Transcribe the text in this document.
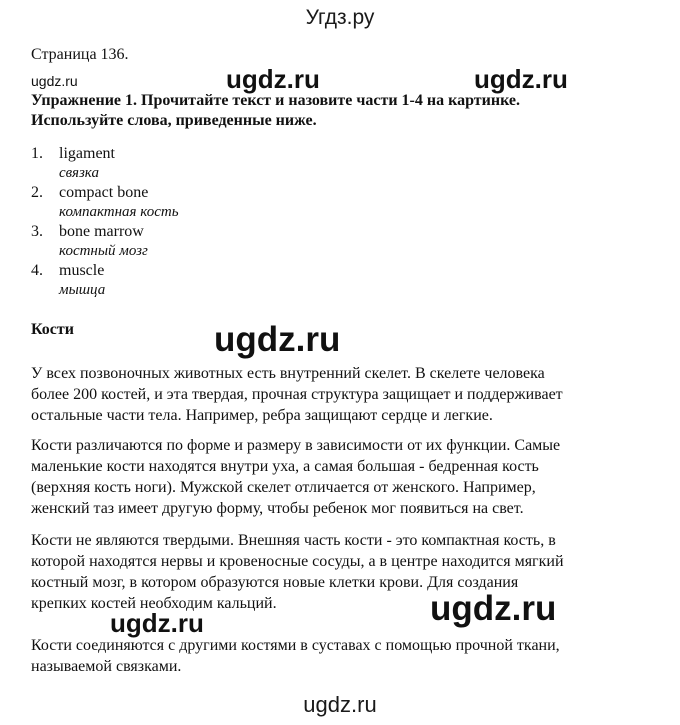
Угдз.ру
Страница 136.
ugdz.ru	ugdz.ru	ugdz.ru
Упражнение 1. Прочитайте текст и назовите части 1-4 на картинке.
Используйте слова, приведенные ниже.
1. ligament
связка
2. compact bone
компактная кость
3. bone marrow
костный мозг
4. muscle
мышца
Кости	ugdz.ru
У всех позвоночных животных есть внутренний скелет. В скелете человека
более 200 костей, и эта твердая, прочная структура защищает и поддерживает
остальные части тела. Например, ребра защищают сердце и легкие.
Кости различаются по форме и размеру в зависимости от их функции. Самые
маленькие кости находятся внутри уха, а самая большая - бедренная кость
(верхняя кость ноги). Мужской скелет отличается от женского. Например,
женский таз имеет другую форму, чтобы ребенок мог появиться на свет.
Кости не являются твердыми. Внешняя часть кости - это компактная кость, в
которой находятся нервы и кровеносные сосуды, а в центре находится мягкий
костный мозг, в котором образуются новые клетки крови. Для создания
крепких костей необходим кальций.	ugdz.ru
ugdz.ru
Кости соединяются с другими костями в суставах с помощью прочной ткани,
называемой связками.
ugdz.ru
